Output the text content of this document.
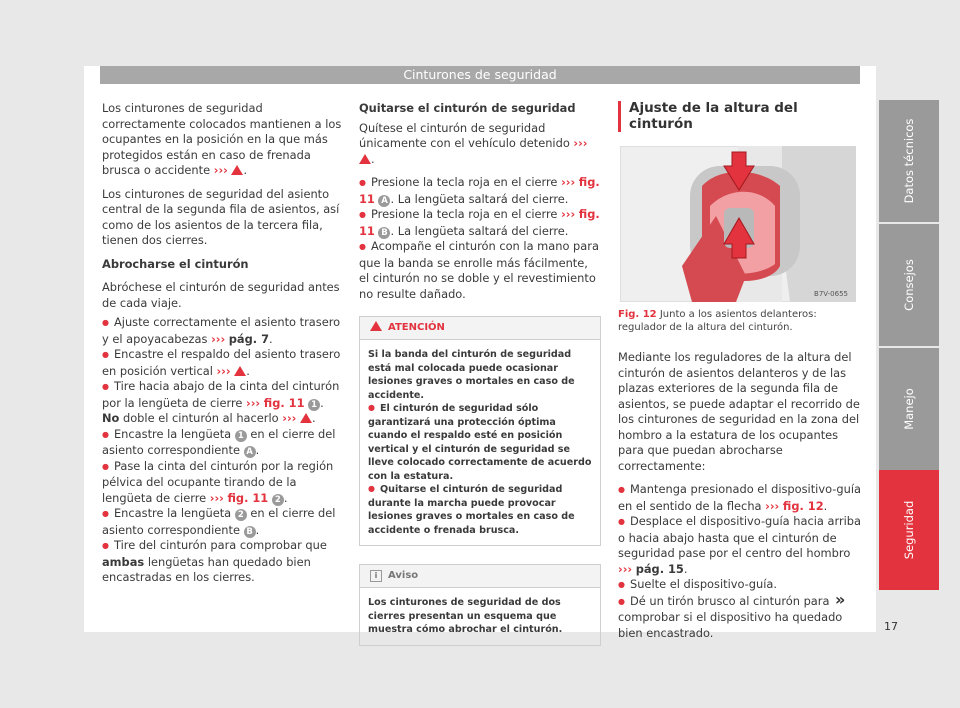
Cinturones de seguridad

Los cinturones de seguridad correctamente colocados mantienen a los ocupantes en la posición en la que más protegidos están en caso de frenada brusca o accidente ››› .

Los cinturones de seguridad del asiento central de la segunda fila de asientos, así como de los asientos de la tercera fila, tienen dos cierres.

Abrocharse el cinturón

Abróchese el cinturón de seguridad antes de cada viaje.

● Ajuste correctamente el asiento trasero y el apoyacabezas ››› pág. 7.
● Encastre el respaldo del asiento trasero en posición vertical ››› .
● Tire hacia abajo de la cinta del cinturón por la lengüeta de cierre ››› fig. 11 1 . No doble el cinturón al hacerlo ››› .
● Encastre la lengüeta 1 en el cierre del asiento correspondiente A .
● Pase la cinta del cinturón por la región pélvica del ocupante tirando de la lengüeta de cierre ››› fig. 11 2 .
● Encastre la lengüeta 2 en el cierre del asiento correspondiente B .
● Tire del cinturón para comprobar que ambas lengüetas han quedado bien encastradas en los cierres.

Quitarse el cinturón de seguridad

Quítese el cinturón de seguridad únicamente con el vehículo detenido ››› .

● Presione la tecla roja en el cierre ››› fig. 11 A . La lengüeta saltará del cierre.
● Presione la tecla roja en el cierre ››› fig. 11 B . La lengüeta saltará del cierre.
● Acompañe el cinturón con la mano para que la banda se enrolle más fácilmente, el cinturón no se doble y el revestimiento no resulte dañado.
ATENCIÓN

Si la banda del cinturón de seguridad está mal colocada puede ocasionar lesiones graves o mortales en caso de accidente.

● El cinturón de seguridad sólo garantizará una protección óptima cuando el respaldo esté en posición vertical y el cinturón de seguridad se lleve colocado correctamente de acuerdo con la estatura.

● Quitarse el cinturón de seguridad durante la marcha puede provocar lesiones graves o mortales en caso de accidente o frenada brusca.

i Aviso
Los cinturones de seguridad de dos cierres presentan un esquema que muestra cómo abrochar el cinturón.
Ajuste de la altura del cinturón
B7V-0655

Fig. 12 Junto a los asientos delanteros: regulador de la altura del cinturón.

Mediante los reguladores de la altura del cinturón de asientos delanteros y de las plazas exteriores de la segunda fila de asientos, se puede adaptar el recorrido de los cinturones de seguridad en la zona del hombro a la estatura de los ocupantes para que puedan abrocharse correctamente:

● Mantenga presionado el dispositivo-guía en el sentido de la flecha ››› fig. 12.
● Desplace el dispositivo-guía hacia arriba o hacia abajo hasta que el cinturón de seguridad pase por el centro del hombro ››› pág. 15.
● Suelte el dispositivo-guía.
● Dé un tirón brusco al cinturón para comprobar si el dispositivo ha quedado bien encastrado.
»
Datos técnicos
Consejos
Manejo
Seguridad
17
